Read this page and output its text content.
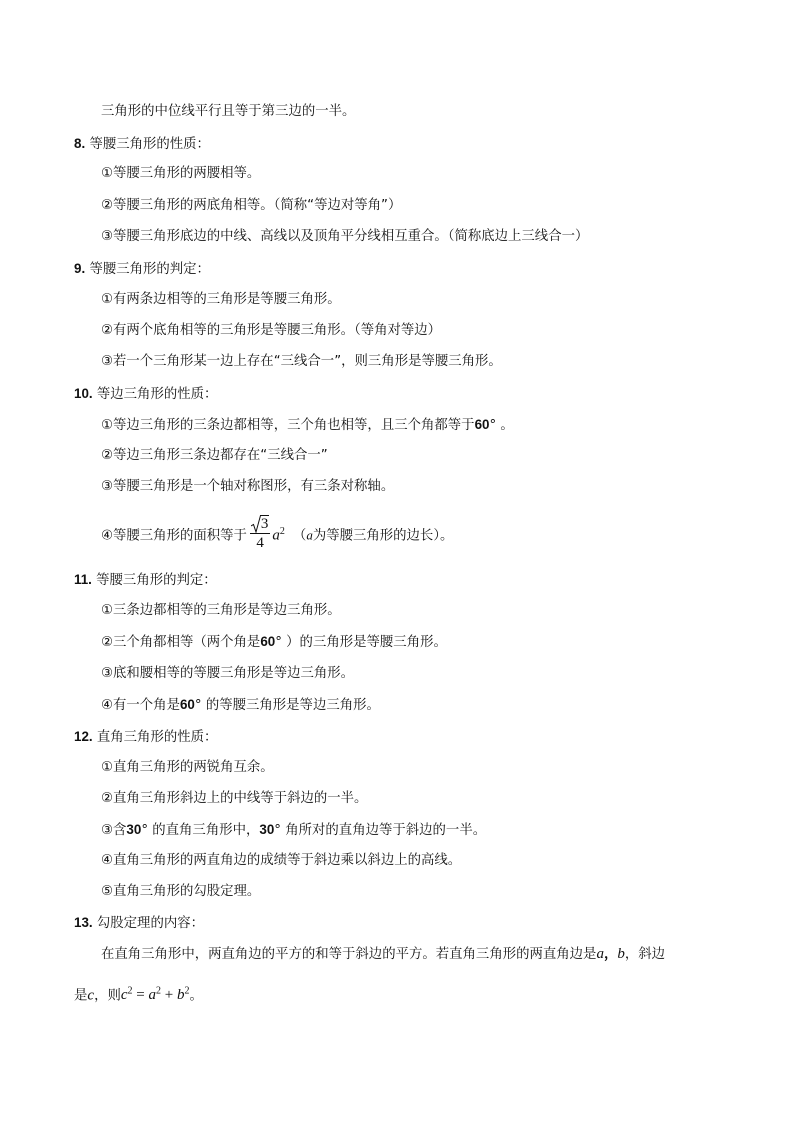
三角形的中位线平行且等于第三边的一半。
8. 等腰三角形的性质：
①等腰三角形的两腰相等。
②等腰三角形的两底角相等。（简称“等边对等角”）
③等腰三角形底边的中线、高线以及顶角平分线相互重合。（简称底边上三线合一）
9. 等腰三角形的判定：
①有两条边相等的三角形是等腰三角形。
②有两个底角相等的三角形是等腰三角形。（等角对等边）
③若一个三角形某一边上存在“三线合一”，则三角形是等腰三角形。
10. 等边三角形的性质：
①等边三角形的三条边都相等，三个角也相等，且三个角都等于60° 。
②等边三角形三条边都存在“三线合一”
③等腰三角形是一个轴对称图形，有三条对称轴。
④等腰三角形的面积等于 $\frac{3}{4} a^2$ （a为等腰三角形的边长）。
11. 等腰三角形的判定：
①三条边都相等的三角形是等边三角形。
②三个角都相等（两个角是60° ）的三角形是等腰三角形。
③底和腰相等的等腰三角形是等边三角形。
④有一个角是60° 的等腰三角形是等边三角形。
12. 直角三角形的性质：
①直角三角形的两锐角互余。
②直角三角形斜边上的中线等于斜边的一半。
③含30° 的直角三角形中，30° 角所对的直角边等于斜边的一半。
④直角三角形的两直角边的成绩等于斜边乘以斜边上的高线。
⑤直角三角形的勾股定理。
13. 勾股定理的内容：
在直角三角形中，两直角边的平方的和等于斜边的平方。若直角三角形的两直角边是a，b，斜边
是c，则$c^2 = a^2 + b^2$。
